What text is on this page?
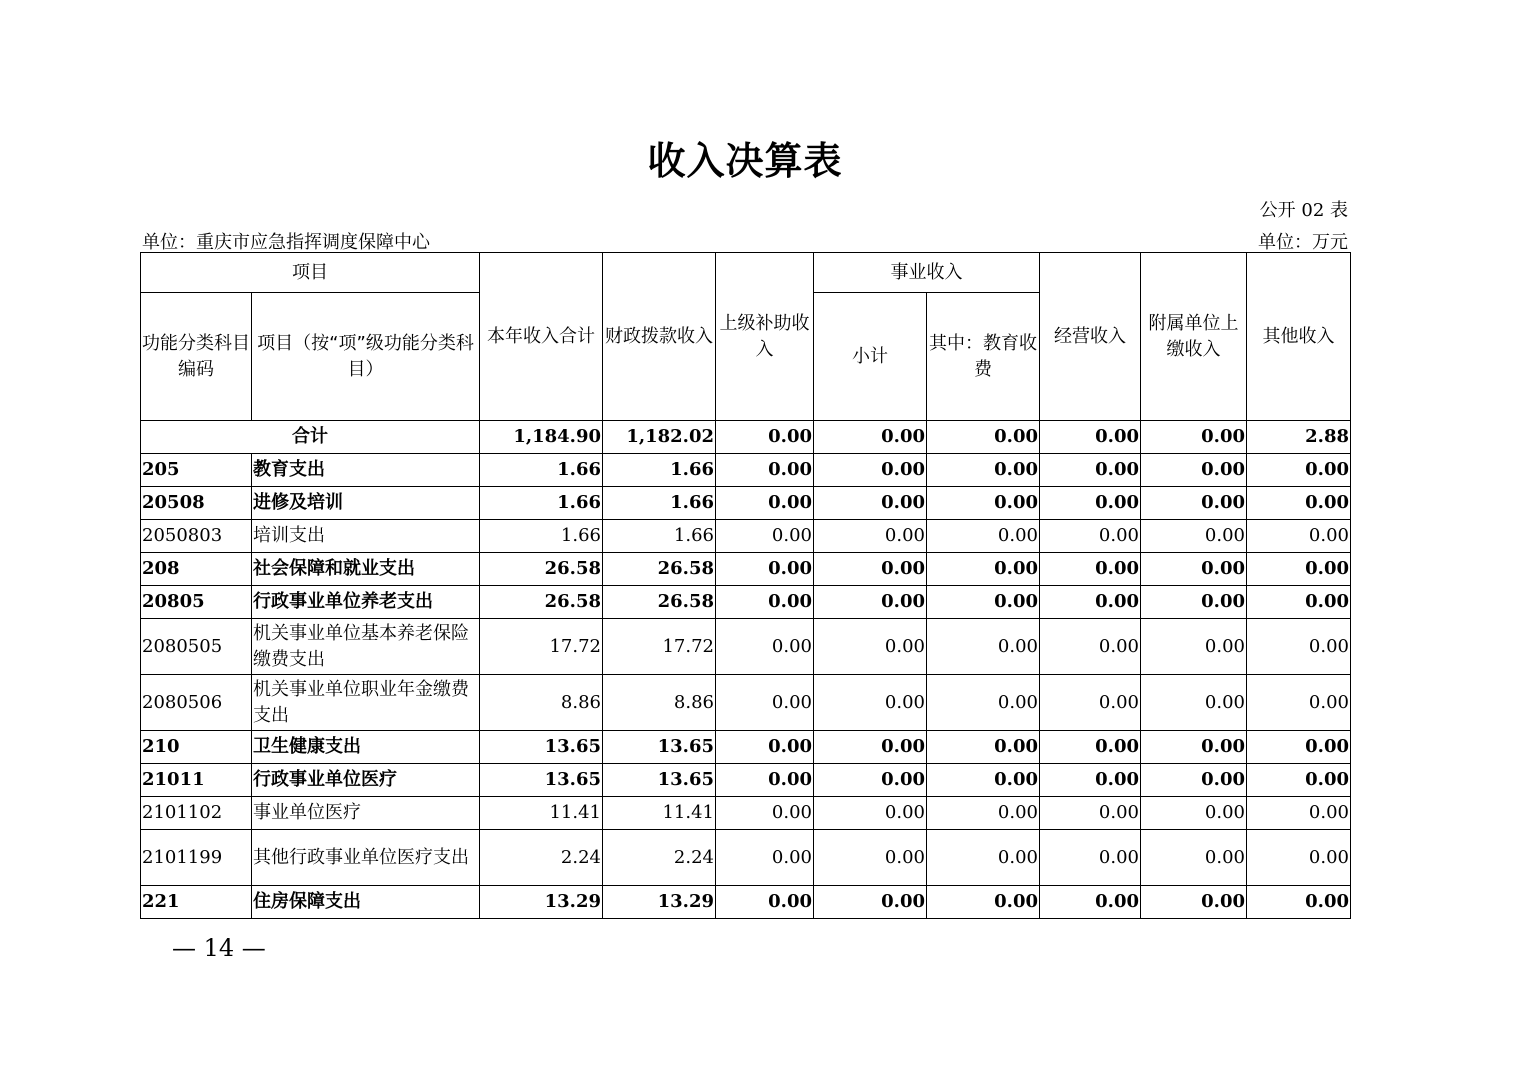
收入决算表
公开 02 表
单位：重庆市应急指挥调度保障中心	单位：万元
项目		本年收入合计	财政拨款收入	上级补助收入	事业收入		经营收入	附属单位上缴收入	其他收入
功能分类科目编码	项目（按“项”级功能分类科目）				小计	其中：教育收费			
合计		1,184.90	1,182.02	0.00	0.00	0.00	0.00	0.00	2.88
205	教育支出	1.66	1.66	0.00	0.00	0.00	0.00	0.00	0.00
20508	进修及培训	1.66	1.66	0.00	0.00	0.00	0.00	0.00	0.00
2050803	培训支出	1.66	1.66	0.00	0.00	0.00	0.00	0.00	0.00
208	社会保障和就业支出	26.58	26.58	0.00	0.00	0.00	0.00	0.00	0.00
20805	行政事业单位养老支出	26.58	26.58	0.00	0.00	0.00	0.00	0.00	0.00
2080505	机关事业单位基本养老保险缴费支出	17.72	17.72	0.00	0.00	0.00	0.00	0.00	0.00
2080506	机关事业单位职业年金缴费支出	8.86	8.86	0.00	0.00	0.00	0.00	0.00	0.00
210	卫生健康支出	13.65	13.65	0.00	0.00	0.00	0.00	0.00	0.00
21011	行政事业单位医疗	13.65	13.65	0.00	0.00	0.00	0.00	0.00	0.00
2101102	事业单位医疗	11.41	11.41	0.00	0.00	0.00	0.00	0.00	0.00
2101199	其他行政事业单位医疗支出	2.24	2.24	0.00	0.00	0.00	0.00	0.00	0.00
221	住房保障支出	13.29	13.29	0.00	0.00	0.00	0.00	0.00	0.00
— 14 —
